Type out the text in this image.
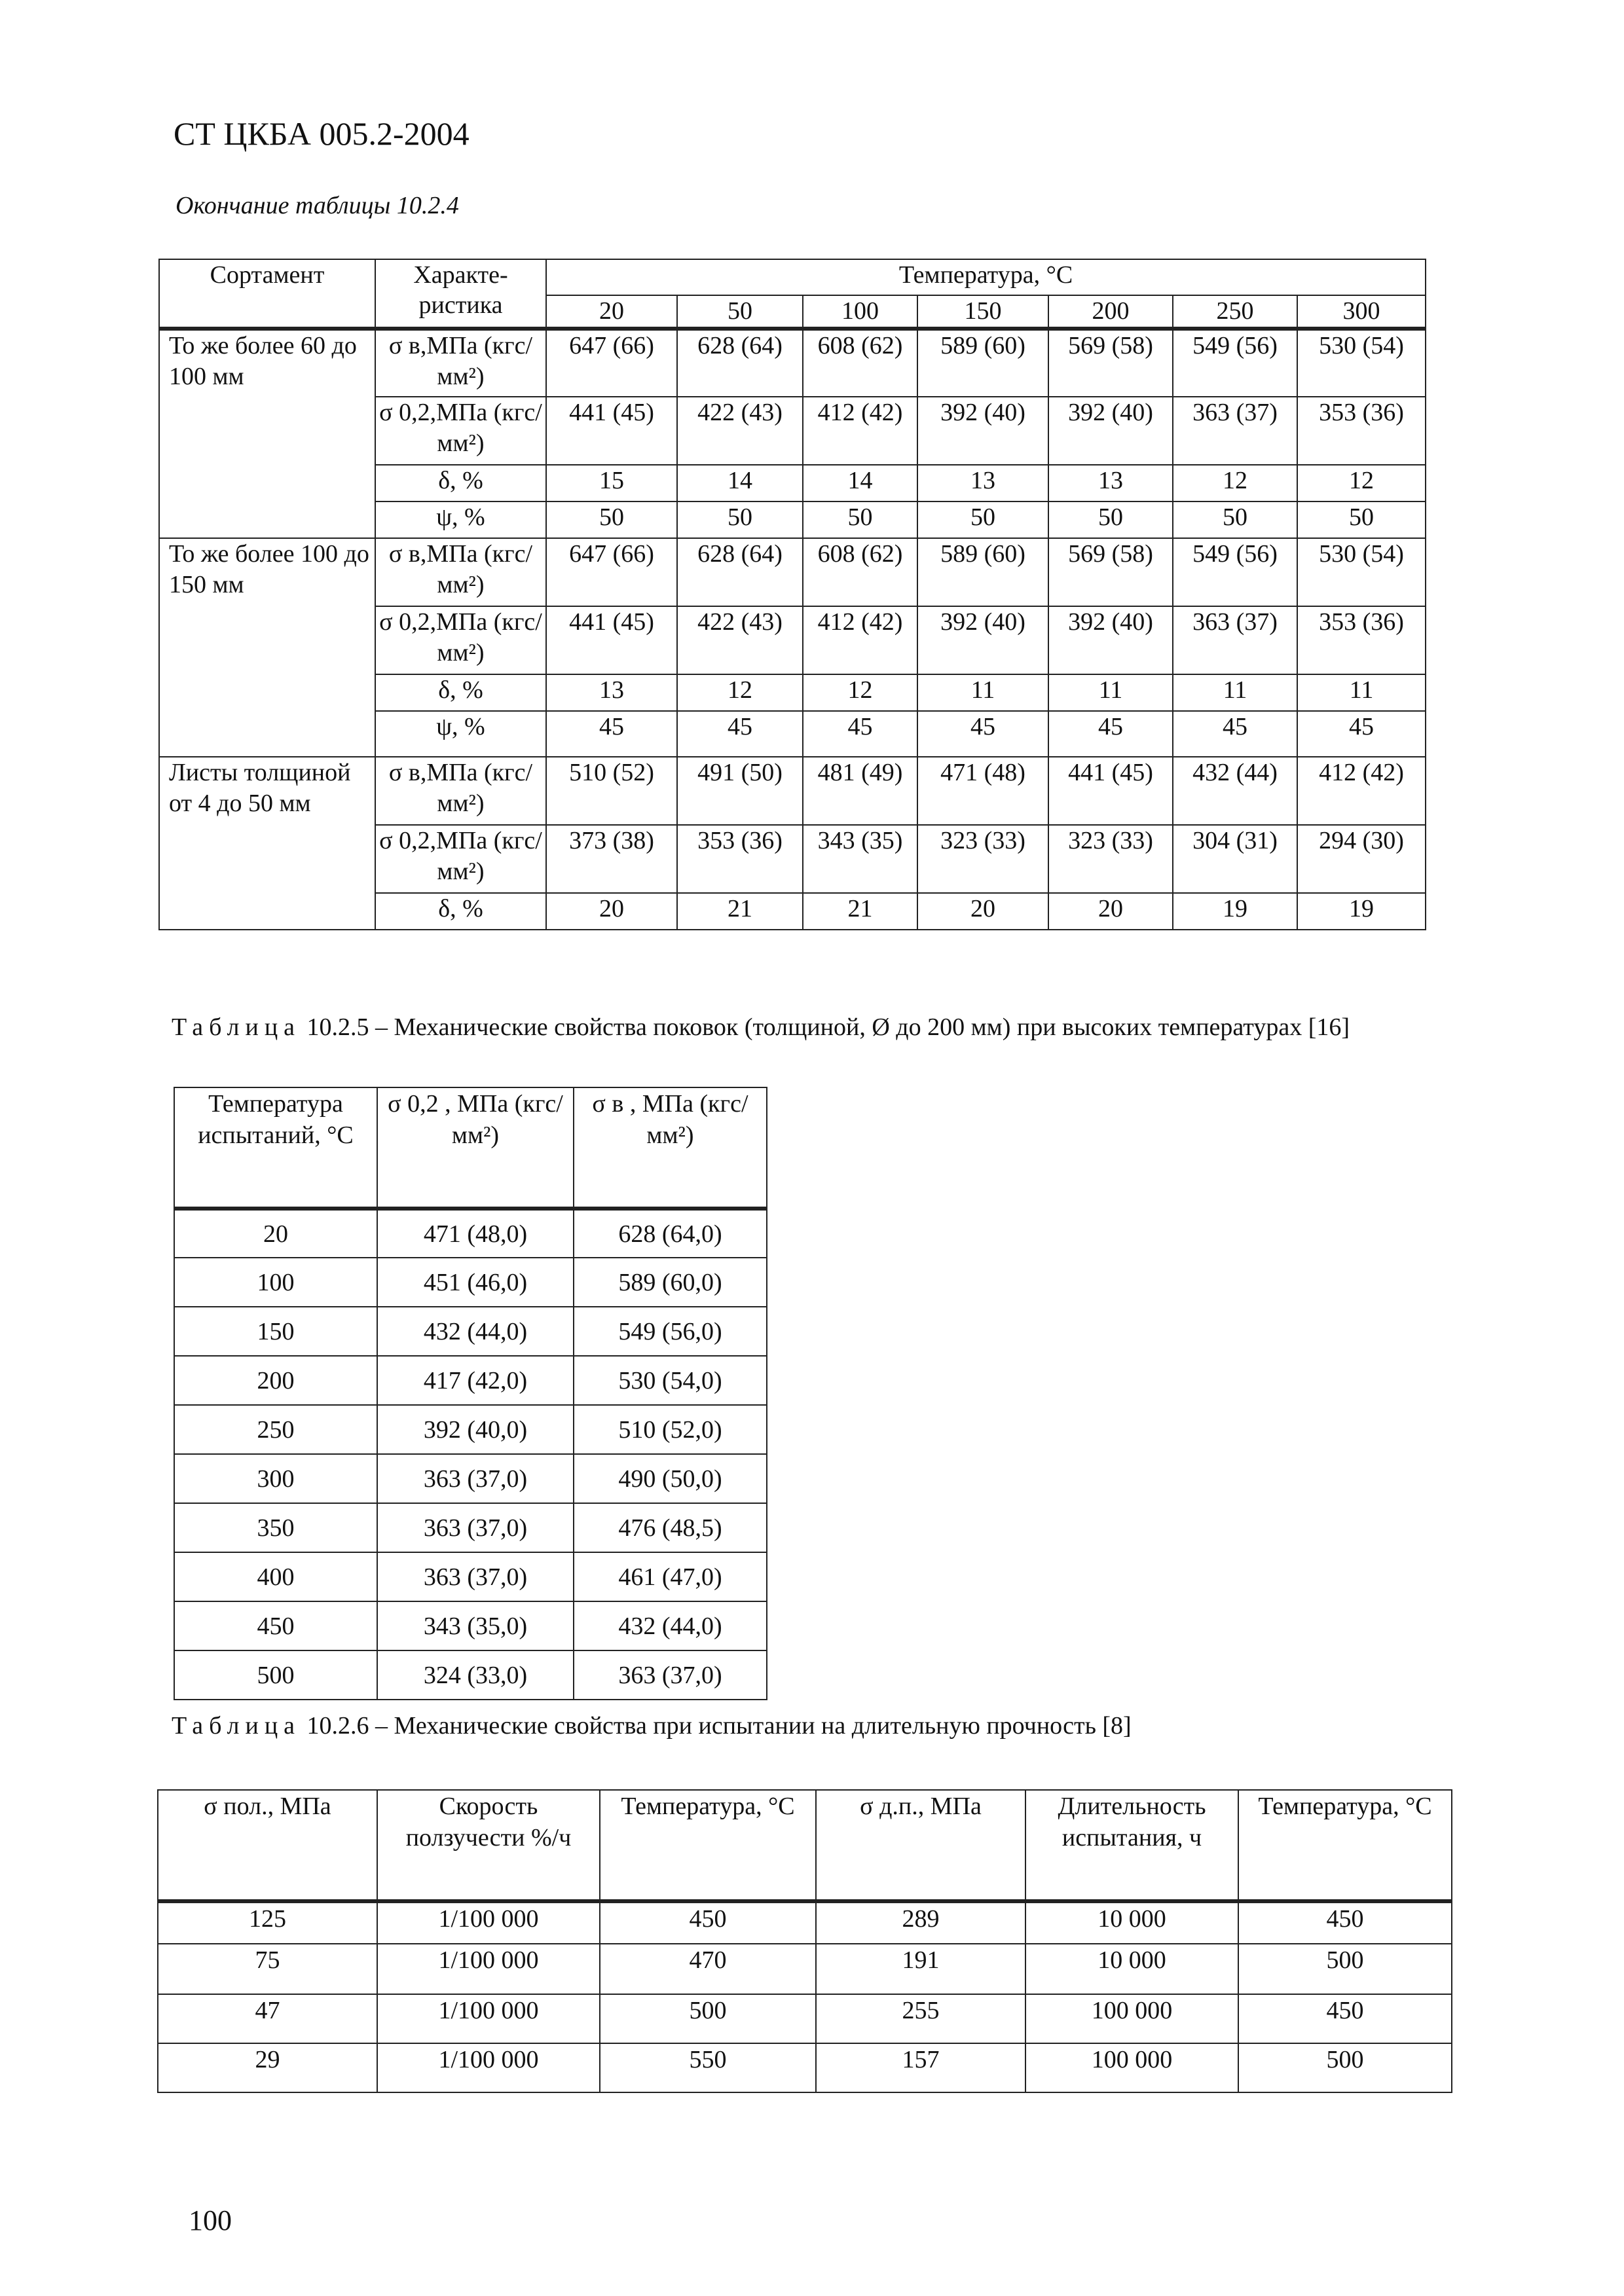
СТ ЦКБА 005.2-2004
Окончание таблицы 10.2.4
Сортамент	Характе-ристика	Температура, °С						
		20	50	100	150	200	250	300
То же более 60 до 100 мм	σ в,МПа (кгс/мм²)	647 (66)	628 (64)	608 (62)	589 (60)	569 (58)	549 (56)	530 (54)
	σ 0,2,МПа (кгс/мм²)	441 (45)	422 (43)	412 (42)	392 (40)	392 (40)	363 (37)	353 (36)
	δ, %	15	14	14	13	13	12	12
	ψ, %	50	50	50	50	50	50	50
То же более 100 до 150 мм	σ в,МПа (кгс/мм²)	647 (66)	628 (64)	608 (62)	589 (60)	569 (58)	549 (56)	530 (54)
	σ 0,2,МПа (кгс/мм²)	441 (45)	422 (43)	412 (42)	392 (40)	392 (40)	363 (37)	353 (36)
	δ, %	13	12	12	11	11	11	11
	ψ, %	45	45	45	45	45	45	45
Листы толщиной от 4 до 50 мм	σ в,МПа (кгс/мм²)	510 (52)	491 (50)	481 (49)	471 (48)	441 (45)	432 (44)	412 (42)
	σ 0,2,МПа (кгс/мм²)	373 (38)	353 (36)	343 (35)	323 (33)	323 (33)	304 (31)	294 (30)
	δ, %	20	21	21	20	20	19	19
Таблица 10.2.5 – Механические свойства поковок (толщиной, Ø до 200 мм) при высоких температурах [16]
Температура испытаний, °С	σ 0,2 , МПа (кгс/мм²)	σ в , МПа (кгс/мм²)
20	471 (48,0)	628 (64,0)
100	451 (46,0)	589 (60,0)
150	432 (44,0)	549 (56,0)
200	417 (42,0)	530 (54,0)
250	392 (40,0)	510 (52,0)
300	363 (37,0)	490 (50,0)
350	363 (37,0)	476 (48,5)
400	363 (37,0)	461 (47,0)
450	343 (35,0)	432 (44,0)
500	324 (33,0)	363 (37,0)
Таблица 10.2.6 – Механические свойства при испытании на длительную прочность [8]
σ пол., МПа	Скорость ползучести %/ч	Температура, °С	σ д.п., МПа	Длительность испытания, ч	Температура, °С
125	1/100 000	450	289	10 000	450
75	1/100 000	470	191	10 000	500
47	1/100 000	500	255	100 000	450
29	1/100 000	550	157	100 000	500
100
